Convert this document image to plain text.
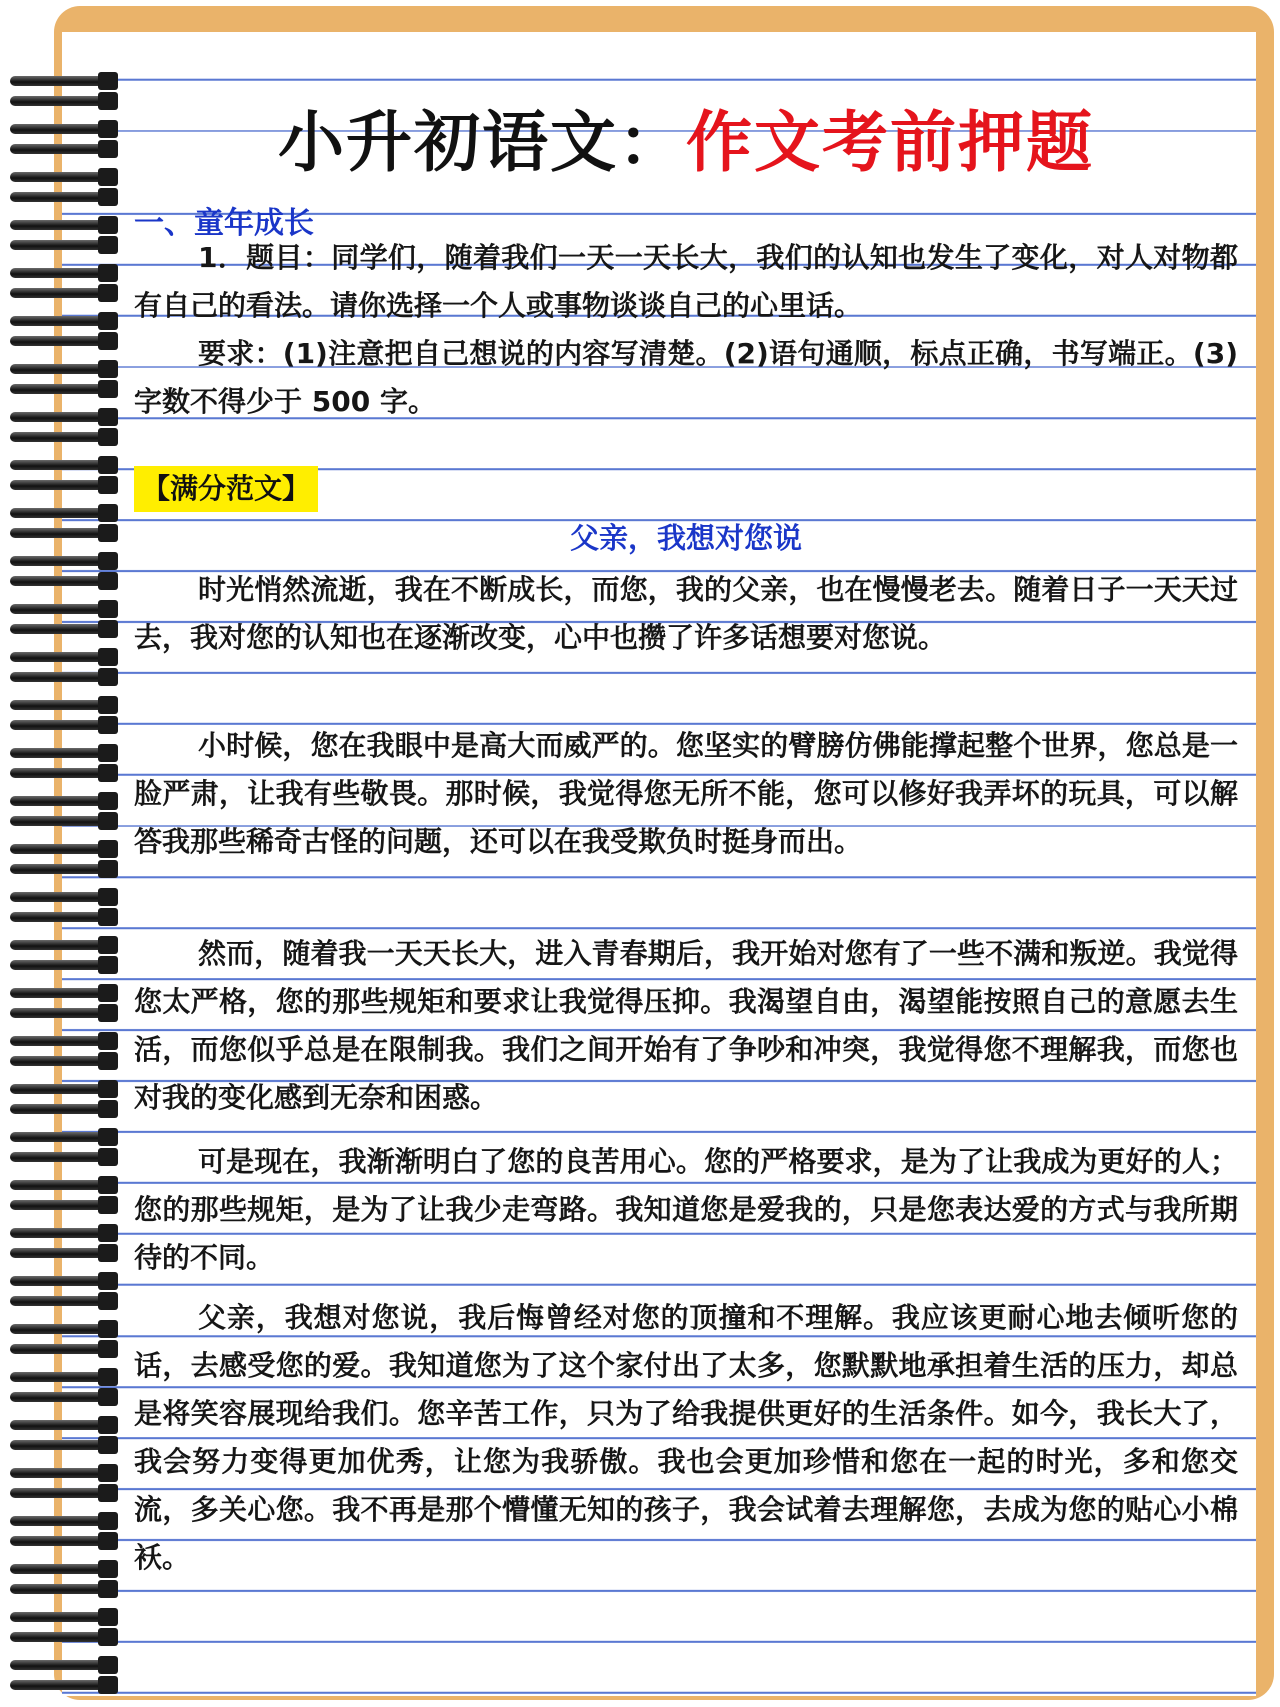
小升初语文：作文考前押题
一、童年成长
1．题目：同学们，随着我们一天一天长大，我们的认知也发生了变化，对人对物都有自己的看法。请你选择一个人或事物谈谈自己的心里话。
要求：(1)注意把自己想说的内容写清楚。(2)语句通顺，标点正确，书写端正。(3)字数不得少于 500 字。
【满分范文】
父亲，我想对您说
时光悄然流逝，我在不断成长，而您，我的父亲，也在慢慢老去。随着日子一天天过去，我对您的认知也在逐渐改变，心中也攒了许多话想要对您说。
小时候，您在我眼中是高大而威严的。您坚实的臂膀仿佛能撑起整个世界，您总是一脸严肃，让我有些敬畏。那时候，我觉得您无所不能，您可以修好我弄坏的玩具，可以解答我那些稀奇古怪的问题，还可以在我受欺负时挺身而出。
然而，随着我一天天长大，进入青春期后，我开始对您有了一些不满和叛逆。我觉得您太严格，您的那些规矩和要求让我觉得压抑。我渴望自由，渴望能按照自己的意愿去生活，而您似乎总是在限制我。我们之间开始有了争吵和冲突，我觉得您不理解我，而您也对我的变化感到无奈和困惑。
可是现在，我渐渐明白了您的良苦用心。您的严格要求，是为了让我成为更好的人；您的那些规矩，是为了让我少走弯路。我知道您是爱我的，只是您表达爱的方式与我所期待的不同。
父亲，我想对您说，我后悔曾经对您的顶撞和不理解。我应该更耐心地去倾听您的话，去感受您的爱。我知道您为了这个家付出了太多，您默默地承担着生活的压力，却总是将笑容展现给我们。您辛苦工作，只为了给我提供更好的生活条件。如今，我长大了，我会努力变得更加优秀，让您为我骄傲。我也会更加珍惜和您在一起的时光，多和您交流，多关心您。我不再是那个懵懂无知的孩子，我会试着去理解您，去成为您的贴心小棉袄。
